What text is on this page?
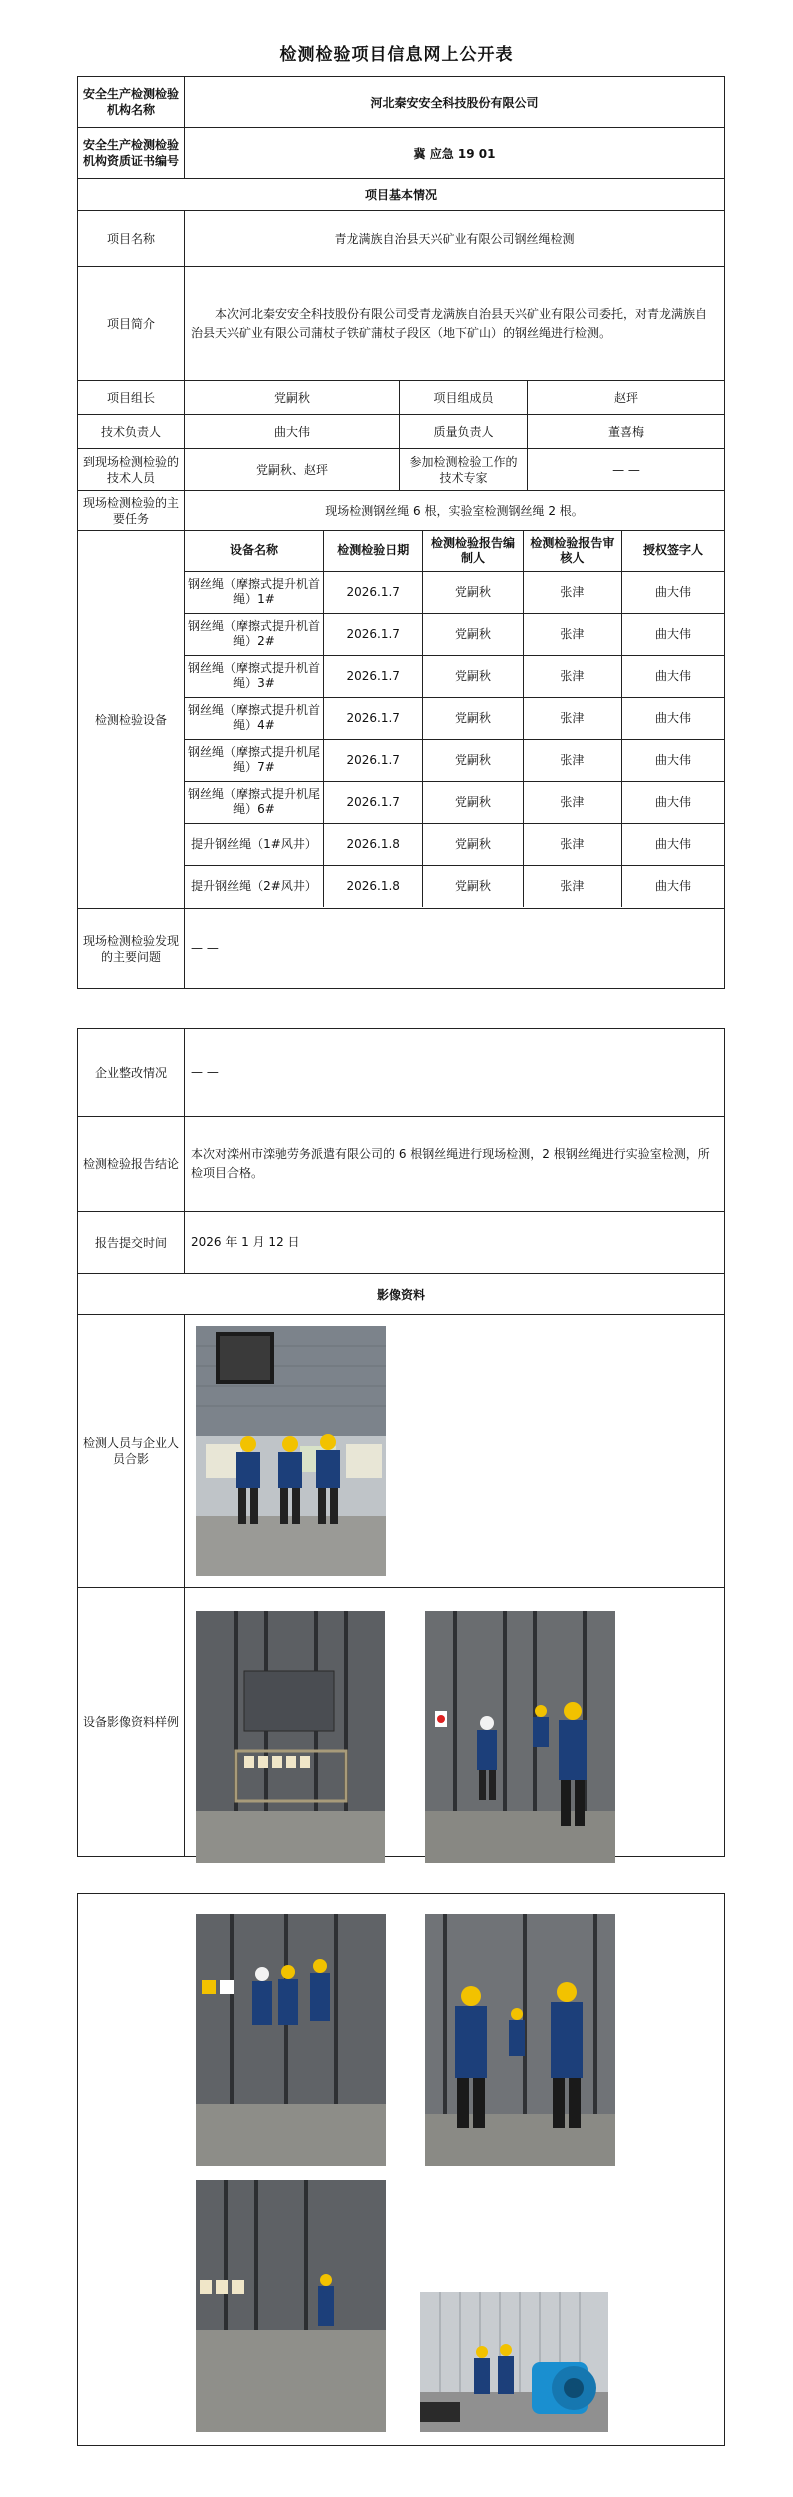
检测检验项目信息网上公开表
安全生产检测检验机构名称	河北秦安安全科技股份有限公司
安全生产检测检验机构资质证书编号	冀 应急 19 01
项目基本情况
项目名称	青龙满族自治县天兴矿业有限公司钢丝绳检测
项目简介	本次河北秦安安全科技股份有限公司受青龙满族自治县天兴矿业有限公司委托，对青龙满族自治县天兴矿业有限公司蒲杖子铁矿蒲杖子段区（地下矿山）的钢丝绳进行检测。
项目组长	党嗣秋	项目组成员	赵玶
技术负责人	曲大伟	质量负责人	董喜梅
到现场检测检验的技术人员	党嗣秋、赵玶	参加检测检验工作的技术专家	— —
现场检测检验的主要任务	现场检测钢丝绳 6 根，实验室检测钢丝绳 2 根。
检测检验设备	
设备名称	检测检验日期	检测检验报告编制人	检测检验报告审核人	授权签字人
钢丝绳（摩擦式提升机首绳）1#	2026.1.7	党嗣秋	张津	曲大伟
钢丝绳（摩擦式提升机首绳）2#	2026.1.7	党嗣秋	张津	曲大伟
钢丝绳（摩擦式提升机首绳）3#	2026.1.7	党嗣秋	张津	曲大伟
钢丝绳（摩擦式提升机首绳）4#	2026.1.7	党嗣秋	张津	曲大伟
钢丝绳（摩擦式提升机尾绳）7#	2026.1.7	党嗣秋	张津	曲大伟
钢丝绳（摩擦式提升机尾绳）6#	2026.1.7	党嗣秋	张津	曲大伟
提升钢丝绳（1#风井）	2026.1.8	党嗣秋	张津	曲大伟
提升钢丝绳（2#风井）	2026.1.8	党嗣秋	张津	曲大伟

现场检测检验发现的主要问题	— —
企业整改情况	— —
检测检验报告结论	本次对滦州市滦驰劳务派遣有限公司的 6 根钢丝绳进行现场检测，2 根钢丝绳进行实验室检测，所检项目合格。
报告提交时间	2026 年 1 月 12 日
影像资料	
检测人员与企业人员合影	
设备影像资料样例	
